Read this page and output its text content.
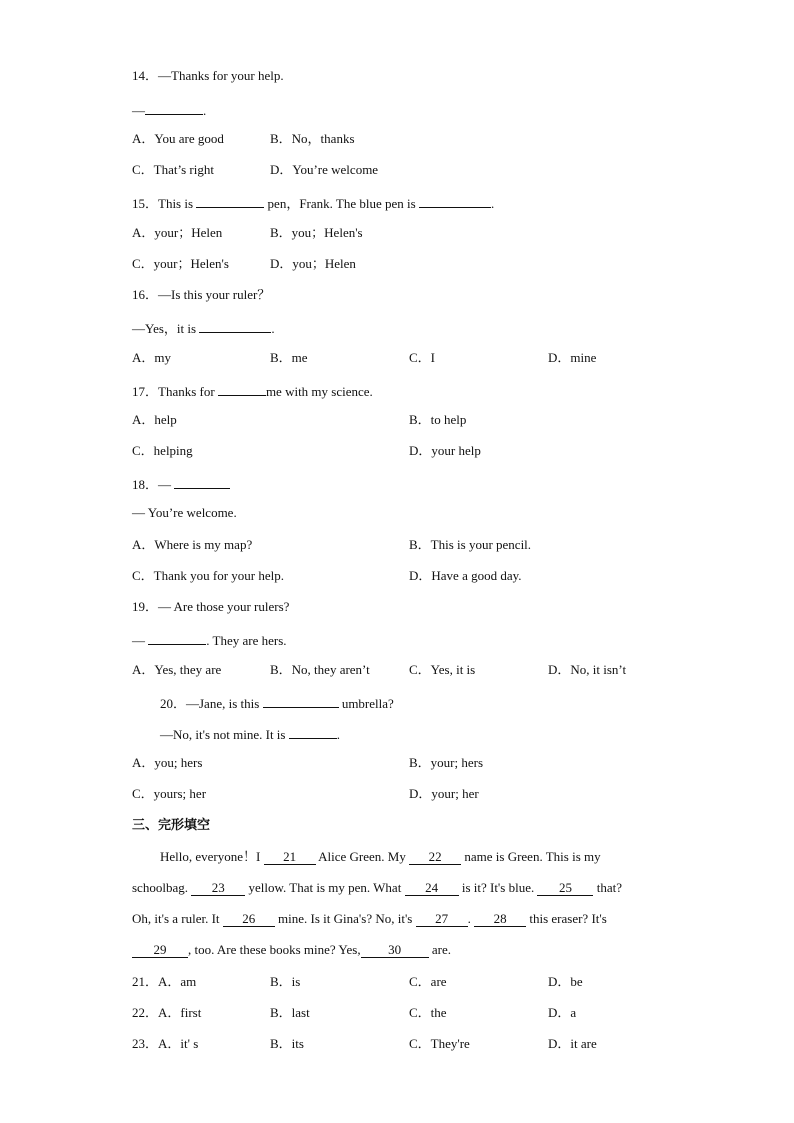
14．—Thanks for your help.
—	.
A．You are good	B．No，thanks
C．That’s right	D．You’re welcome
15．This is	pen，Frank. The blue pen is	.
A．your；Helen	B．you；Helen's
C．your；Helen's	D．you；Helen
16．—Is this your ruler？
—Yes，it is	.
A．my	B．me	C．I	D．mine
17．Thanks for	me with my science.
A．help	B．to help
C．helping	D．your help
18．—
— You’re welcome.
A．Where is my map?	B．This is your pencil.
C．Thank you for your help.	D．Have a good day.
19．— Are those your rulers?
—	. They are hers.
A．Yes, they are	B．No, they aren’t	C．Yes, it is	D．No, it isn’t
20．—Jane, is this	umbrella?
—No, it's not mine. It is	.
A．you; hers	B．your; hers
C．yours; her	D．your; her
三、完形填空
Hello, everyone！I 21 Alice Green. My 22 name is Green. This is my
schoolbag. 23 yellow. That is my pen. What 24 is it? It's blue. 25 that?
Oh, it's a ruler. It 26 mine. Is it Gina's? No, it's 27 . 28 this eraser? It's
29 , too. Are these books mine? Yes, 30 are.
21．A．am	B．is	C．are	D．be
22．A．first	B．last	C．the	D．a
23．A．it' s	B．its	C．They're	D．it are
